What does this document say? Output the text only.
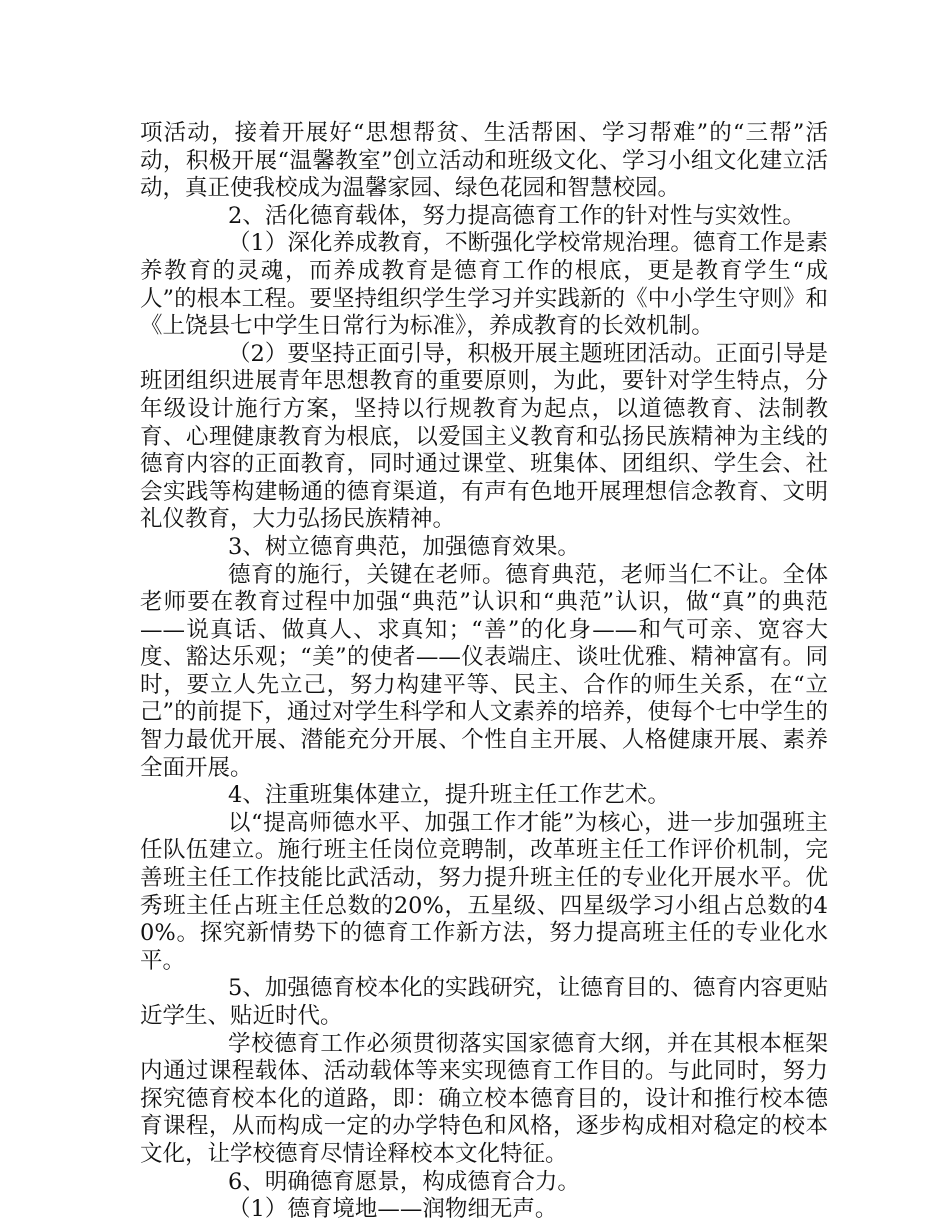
项活动，接着开展好“思想帮贫、生活帮困、学习帮难”的“三帮”活动，积极开展“温馨教室”创立活动和班级文化、学习小组文化建立活动，真正使我校成为温馨家园、绿色花园和智慧校园。

2、活化德育载体，努力提高德育工作的针对性与实效性。

（1）深化养成教育，不断强化学校常规治理。德育工作是素养教育的灵魂，而养成教育是德育工作的根底，更是教育学生“成人”的根本工程。要坚持组织学生学习并实践新的《中小学生守则》和《上饶县七中学生日常行为标准》，养成教育的长效机制。

（2）要坚持正面引导，积极开展主题班团活动。正面引导是班团组织进展青年思想教育的重要原则，为此，要针对学生特点，分年级设计施行方案，坚持以行规教育为起点，以道德教育、法制教育、心理健康教育为根底，以爱国主义教育和弘扬民族精神为主线的德育内容的正面教育，同时通过课堂、班集体、团组织、学生会、社会实践等构建畅通的德育渠道，有声有色地开展理想信念教育、文明礼仪教育，大力弘扬民族精神。

3、树立德育典范，加强德育效果。

德育的施行，关键在老师。德育典范，老师当仁不让。全体老师要在教育过程中加强“典范”认识和“典范”认识，做“真”的典范——说真话、做真人、求真知；“善”的化身——和气可亲、宽容大度、豁达乐观；“美”的使者——仪表端庄、谈吐优雅、精神富有。同时，要立人先立己，努力构建平等、民主、合作的师生关系，在“立己”的前提下，通过对学生科学和人文素养的培养，使每个七中学生的智力最优开展、潜能充分开展、个性自主开展、人格健康开展、素养全面开展。

4、注重班集体建立，提升班主任工作艺术。

以“提高师德水平、加强工作才能”为核心，进一步加强班主任队伍建立。施行班主任岗位竞聘制，改革班主任工作评价机制，完善班主任工作技能比武活动，努力提升班主任的专业化开展水平。优秀班主任占班主任总数的20%，五星级、四星级学习小组占总数的40%。探究新情势下的德育工作新方法，努力提高班主任的专业化水平。

5、加强德育校本化的实践研究，让德育目的、德育内容更贴近学生、贴近时代。

学校德育工作必须贯彻落实国家德育大纲，并在其根本框架内通过课程载体、活动载体等来实现德育工作目的。与此同时，努力探究德育校本化的道路，即：确立校本德育目的，设计和推行校本德育课程，从而构成一定的办学特色和风格，逐步构成相对稳定的校本文化，让学校德育尽情诠释校本文化特征。

6、明确德育愿景，构成德育合力。

（1）德育境地——润物细无声。
